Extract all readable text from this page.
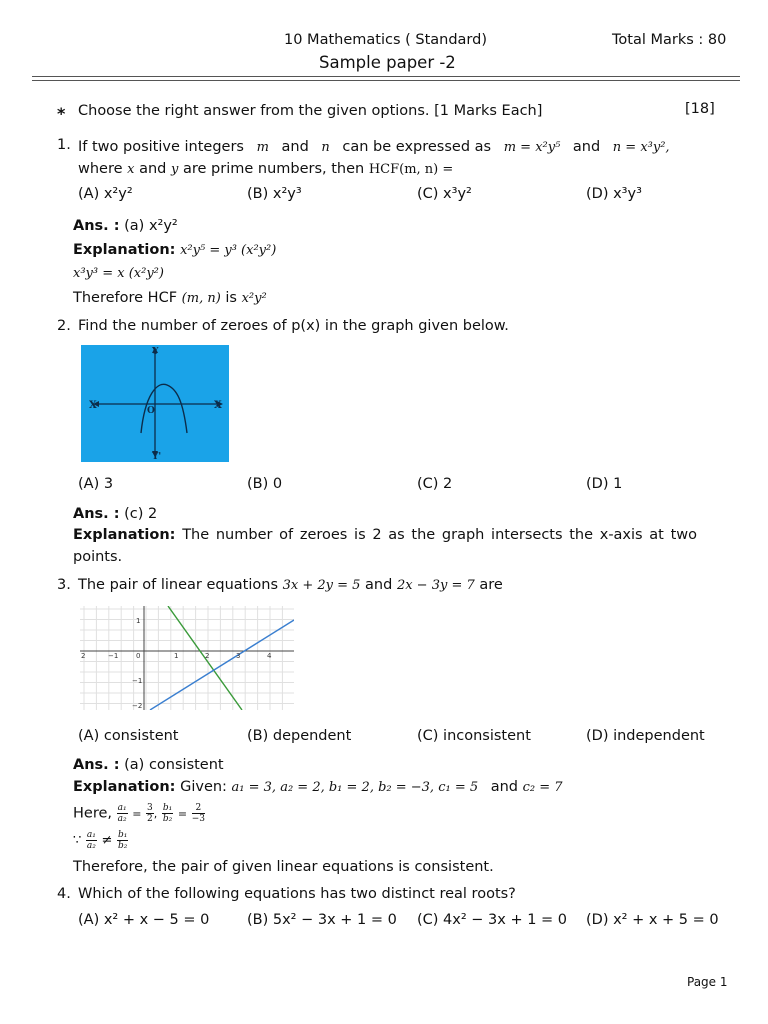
10 Mathematics ( Standard)	Total Marks : 80
Sample paper -2
* Choose the right answer from the given options. [1 Marks Each]	[18]
1. If two positive integers m and n can be expressed as m = x²y⁵ and n = x³y²,
where x and y are prime numbers, then HCF(m, n) =
(A) x²y²	(B) x²y³	(C) x³y²	(D) x³y³
Ans. : (a) x²y²
Explanation: x²y⁵ = y³ (x²y²)
x³y³ = x (x²y²)
Therefore HCF (m, n) is x²y²
2. Find the number of zeroes of p(x) in the graph given below.
X	X
Y
Y'
O
(A) 3	(B) 0	(C) 2	(D) 1
Ans. : (c) 2
Explanation: The number of zeroes is 2 as the graph intersects the x-axis at two
points.
3. The pair of linear equations 3x + 2y = 5 and 2x − 3y = 7 are
2	−1	0	1	2	3	4
1
−1
−2
(A) consistent	(B) dependent	(C) inconsistent	(D) independent
Ans. : (a) consistent
Explanation: Given: a₁ = 3, a₂ = 2, b₁ = 2, b₂ = −3, c₁ = 5 and c₂ = 7
Here, $\frac{\text{a₁}}{\text{a₂}} = \frac{3}{2}$ , $\frac{\text{b₁}}{\text{b₂}} = \frac{2}{-3}$
∵ $\frac{\text{a₁}}{\text{a₂}} \ne \frac{\text{b₁}}{\text{b₂}}$
Therefore, the pair of given linear equations is consistent.
4. Which of the following equations has two distinct real roots?
(A) x² + x − 5 = 0	(B) 5x² − 3x + 1 = 0 (C) 4x² − 3x + 1 = 0 (D) x² + x + 5 = 0
Page 1
